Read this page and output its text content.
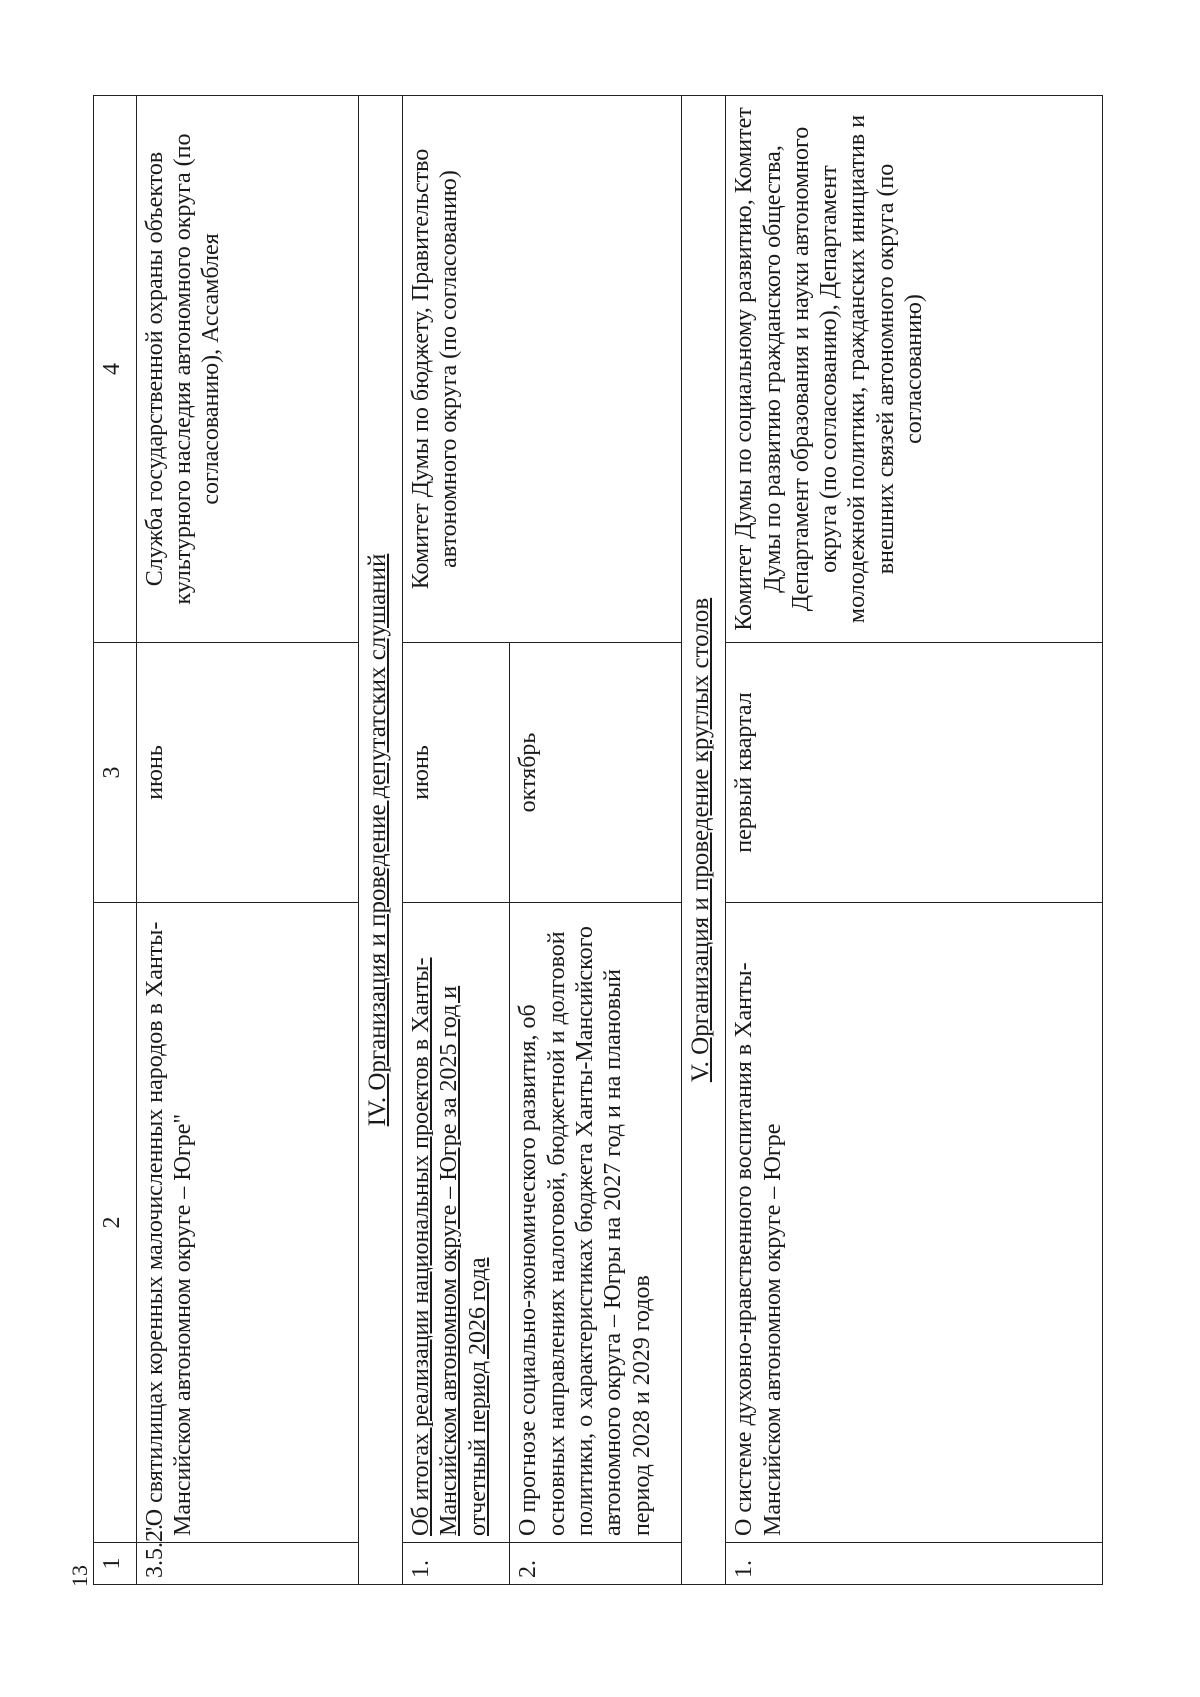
13
1	2	3	4
3.5.2.	"О святилищах коренных малочисленных народов в Ханты-Мансийском автономном округе – Югре"	июнь	Служба государственной охраны объектов культурного наследия автономного округа (по согласованию), Ассамблея
IV. Организация и проведение депутатских слушаний			
1.	Об итогах реализации национальных проектов в Ханты-Мансийском автономном округе – Югре за 2025 год и отчетный период 2026 года	июнь	Комитет Думы по бюджету, Правительство автономного округа (по согласованию)
2.	О прогнозе социально-экономического развития, об основных направлениях налоговой, бюджетной и долговой политики, о характеристиках бюджета Ханты-Мансийского автономного округа – Югры на 2027 год и на плановый период 2028 и 2029 годов	октябрь	
V. Организация и проведение круглых столов			
1.	О системе духовно-нравственного воспитания в Ханты-Мансийском автономном округе – Югре	первый квартал	Комитет Думы по социальному развитию, Комитет Думы по развитию гражданского общества, Департамент образования и науки автономного округа (по согласованию), Департамент молодежной политики, гражданских инициатив и внешних связей автономного округа (по согласованию)
